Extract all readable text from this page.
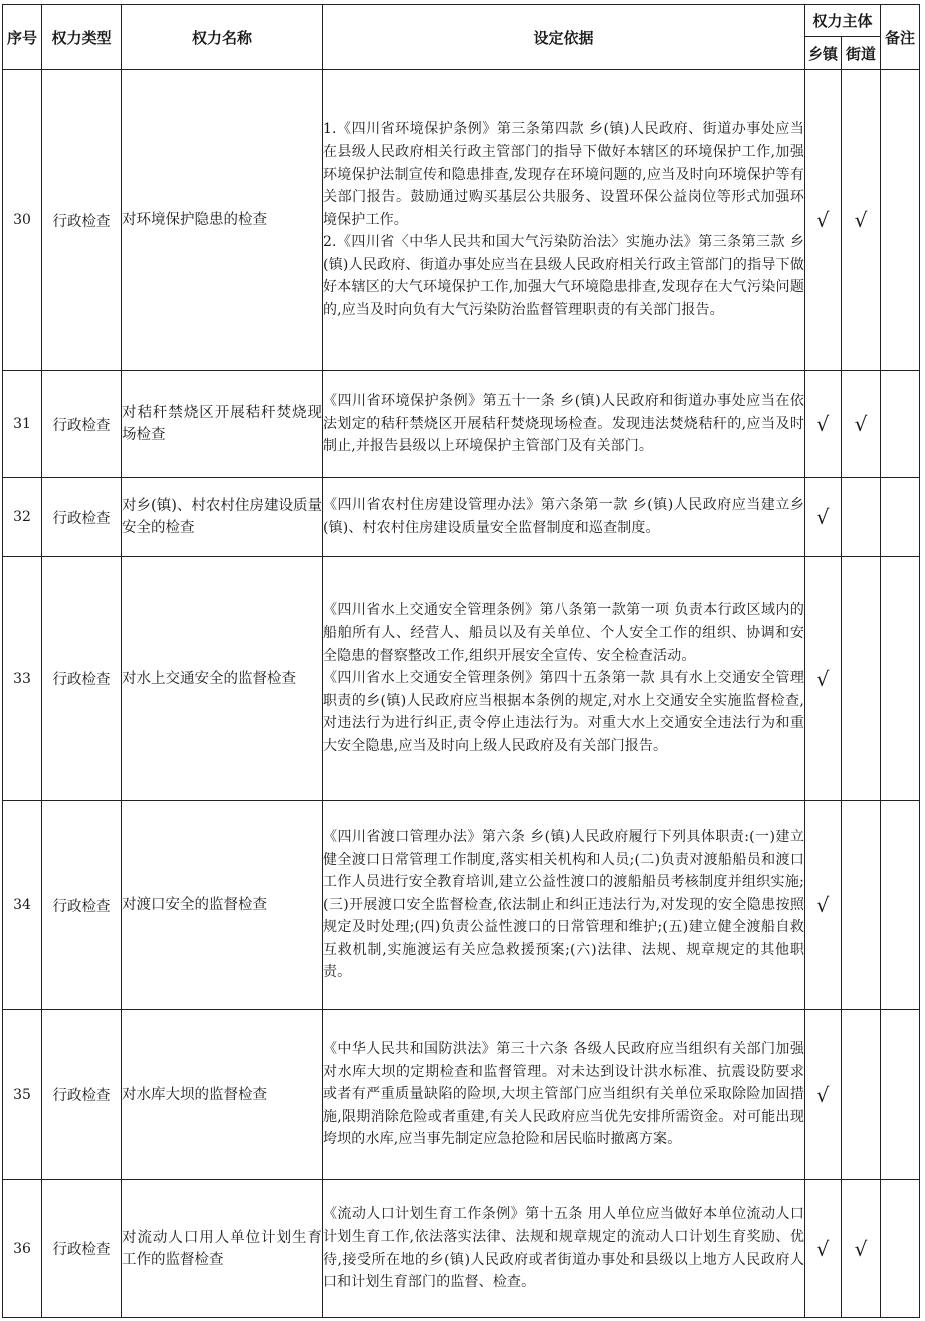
序号	权力类型	权力名称	设定依据	权力主体		备注
				乡镇	街道	
30	行政检查	对环境保护隐患的检查	1.《四川省环境保护条例》第三条第四款 乡(镇)人民政府、街道办事处应当在县级人民政府相关行政主管部门的指导下做好本辖区的环境保护工作,加强环境保护法制宣传和隐患排查,发现存在环境问题的,应当及时向环境保护等有关部门报告。鼓励通过购买基层公共服务、设置环保公益岗位等形式加强环境保护工作。

2.《四川省〈中华人民共和国大气污染防治法〉实施办法》第三条第三款 乡(镇)人民政府、街道办事处应当在县级人民政府相关行政主管部门的指导下做好本辖区的大气环境保护工作,加强大气环境隐患排查,发现存在大气污染问题的,应当及时向负有大气污染防治监督管理职责的有关部门报告。	√	√	
31	行政检查	对秸秆禁烧区开展秸秆焚烧现场检查	《四川省环境保护条例》第五十一条 乡(镇)人民政府和街道办事处应当在依法划定的秸秆禁烧区开展秸秆焚烧现场检查。发现违法焚烧秸秆的,应当及时制止,并报告县级以上环境保护主管部门及有关部门。	√	√	
32	行政检查	对乡(镇)、村农村住房建设质量安全的检查	《四川省农村住房建设管理办法》第六条第一款 乡(镇)人民政府应当建立乡(镇)、村农村住房建设质量安全监督制度和巡查制度。	√		
33	行政检查	对水上交通安全的监督检查	《四川省水上交通安全管理条例》第八条第一款第一项 负责本行政区域内的船舶所有人、经营人、船员以及有关单位、个人安全工作的组织、协调和安全隐患的督察整改工作,组织开展安全宣传、安全检查活动。

《四川省水上交通安全管理条例》第四十五条第一款 具有水上交通安全管理职责的乡(镇)人民政府应当根据本条例的规定,对水上交通安全实施监督检查,对违法行为进行纠正,责令停止违法行为。对重大水上交通安全违法行为和重大安全隐患,应当及时向上级人民政府及有关部门报告。	√		
34	行政检查	对渡口安全的监督检查	《四川省渡口管理办法》第六条 乡(镇)人民政府履行下列具体职责:(一)建立健全渡口日常管理工作制度,落实相关机构和人员;(二)负责对渡船船员和渡口工作人员进行安全教育培训,建立公益性渡口的渡船船员考核制度并组织实施;(三)开展渡口安全监督检查,依法制止和纠正违法行为,对发现的安全隐患按照规定及时处理;(四)负责公益性渡口的日常管理和维护;(五)建立健全渡船自救互救机制,实施渡运有关应急救援预案;(六)法律、法规、规章规定的其他职责。	√		
35	行政检查	对水库大坝的监督检查	《中华人民共和国防洪法》第三十六条 各级人民政府应当组织有关部门加强对水库大坝的定期检查和监督管理。对未达到设计洪水标准、抗震设防要求或者有严重质量缺陷的险坝,大坝主管部门应当组织有关单位采取除险加固措施,限期消除危险或者重建,有关人民政府应当优先安排所需资金。对可能出现垮坝的水库,应当事先制定应急抢险和居民临时撤离方案。	√		
36	行政检查	对流动人口用人单位计划生育工作的监督检查	《流动人口计划生育工作条例》第十五条 用人单位应当做好本单位流动人口计划生育工作,依法落实法律、法规和规章规定的流动人口计划生育奖励、优待,接受所在地的乡(镇)人民政府或者街道办事处和县级以上地方人民政府人口和计划生育部门的监督、检查。	√	√	
